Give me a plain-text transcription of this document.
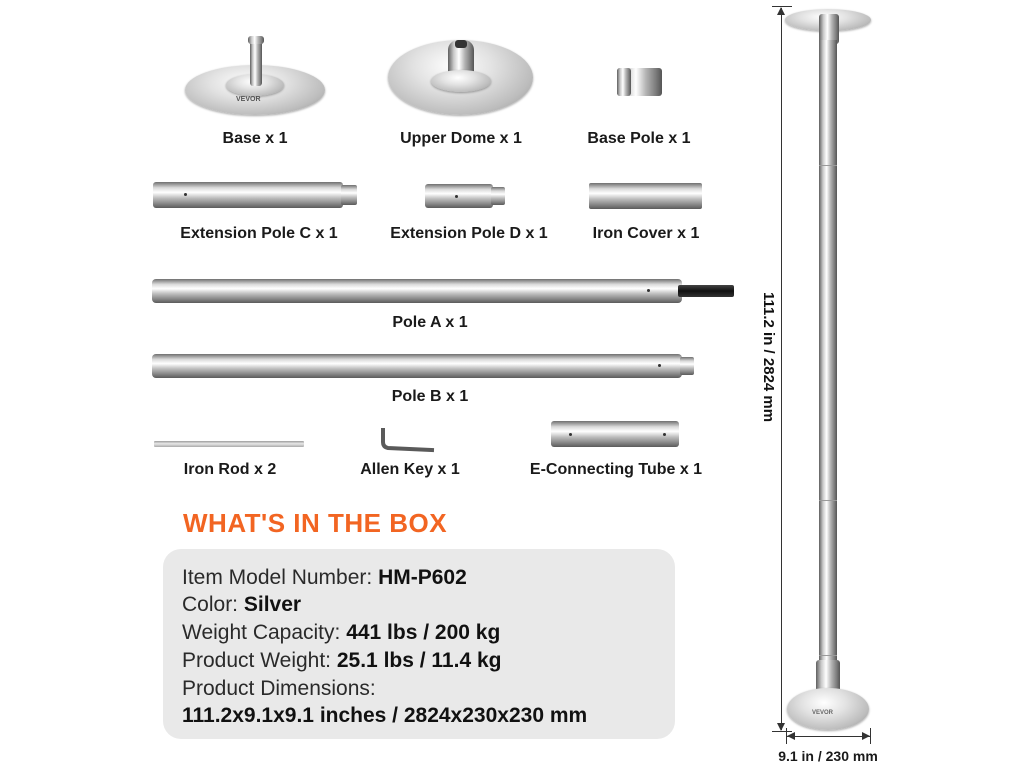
VEVOR
Base x 1	Upper Dome x 1	Base Pole x 1
Extension Pole C x 1	Extension Pole D x 1	Iron Cover x 1
Pole A x 1
Pole B x 1
Iron Rod x 2	Allen Key x 1	E-Connecting Tube x 1
WHAT'S IN THE BOX
Item Model Number: HM-P602
Color: Silver
Weight Capacity: 441 lbs / 200 kg
Product Weight: 25.1 lbs / 11.4 kg
Product Dimensions:
111.2x9.1x9.1 inches / 2824x230x230 mm	VEVOR
111.2 in / 2824 mm
9.1 in / 230 mm
